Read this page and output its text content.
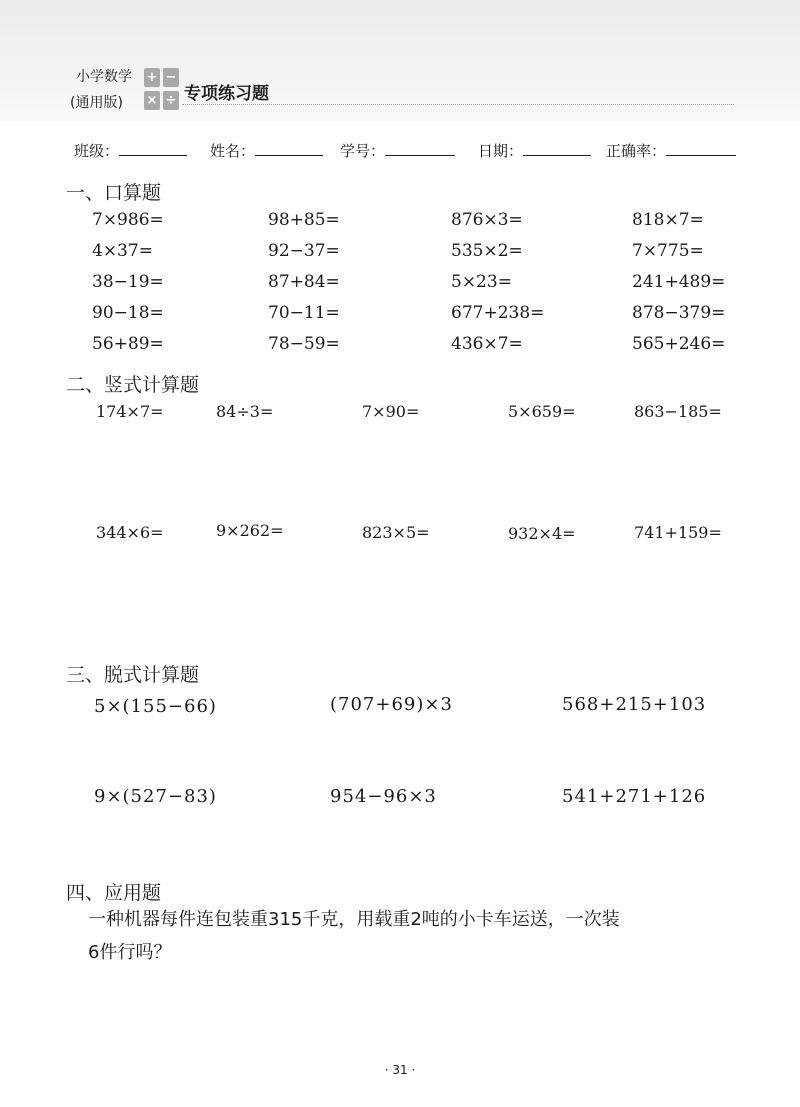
小学数学
(通用版)
+ −
× ÷ 专项练习题
班级：	姓名：	学号：	日期：	正确率：
一、口算题
7×986=	98+85=	876×3=	818×7=
4×37=	92−37=	535×2=	7×775=
38−19=	87+84=	5×23=	241+489=
90−18=	70−11=	677+238=	878−379=
56+89=	78−59=	436×7=	565+246=
二、竖式计算题
174×7=	84÷3=	7×90=	5×659=	863−185=
344×6=	9×262=	823×5=	932×4=	741+159=
三、脱式计算题
5×(155−66)	(707+69)×3	568+215+103
9×(527−83)	954−96×3	541+271+126
四、应用题
一种机器每件连包装重315千克，用载重2吨的小卡车运送，一次装
6件行吗？
· 31 ·
